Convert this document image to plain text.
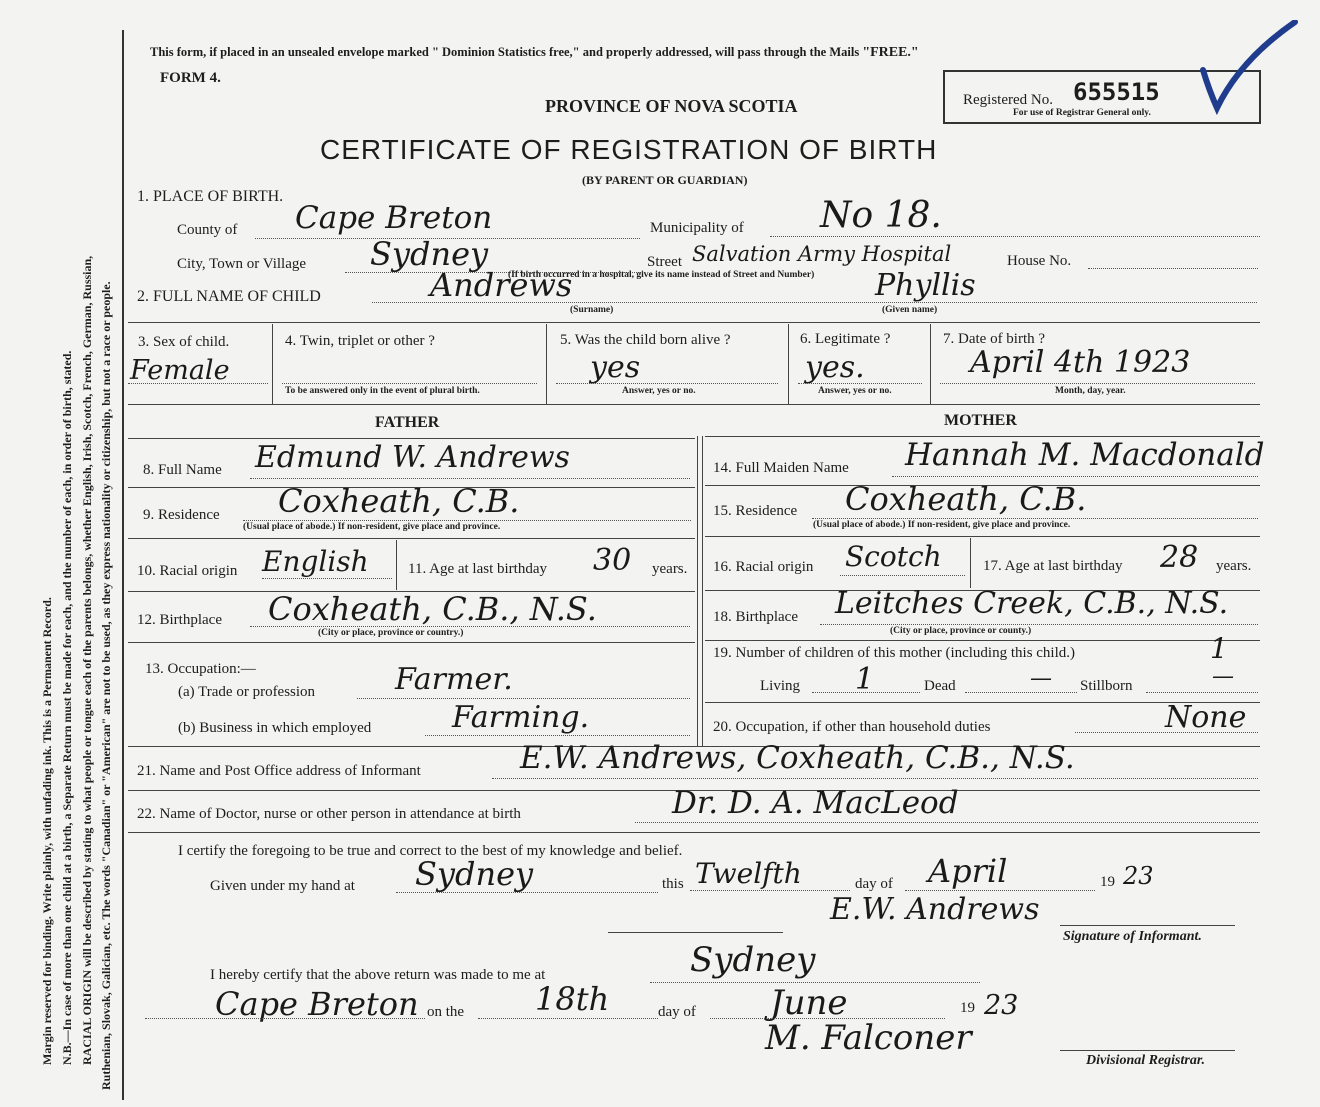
Margin reserved for binding. Write plainly, with unfading ink. This is a Permanent Record. N.B.—In case of more than one child at a birth, a Separate Return must be made for each, and the number of each, in order of birth, stated. RACIAL ORIGIN will be described by stating to what people or tongue each of the parents belongs, whether English, Irish, Scotch, French, German, Russian, Ruthenian, Slovak, Galician, etc. The words "Canadian" or "American" are not to be used, as they express nationality or citizenship, but not a race or people.
This form, if placed in an unsealed envelope marked " Dominion Statistics free," and properly addressed, will pass through the Mails "FREE."
FORM 4.
PROVINCE OF NOVA SCOTIA
CERTIFICATE OF REGISTRATION OF BIRTH
(BY PARENT OR GUARDIAN)
Registered No. 655515
For use of Registrar General only.
1. PLACE OF BIRTH.
County of Cape Breton	Municipality of No 18.
City, Town or Village Sydney	Street Salvation Army Hospital	House No.
(If birth occurred in a hospital, give its name instead of Street and Number)
2. FULL NAME OF CHILD	Andrews
(Surname)
Phyllis
(Given name)
3. Sex of child.
Female
4. Twin, triplet or other ?
To be answered only in the event of plural birth.
5. Was the child born alive ?
yes
Answer, yes or no.
6. Legitimate ?
yes.
Answer, yes or no.
7. Date of birth ?
April 4th 1923
Month, day, year.
FATHER	MOTHER
8. Full Name Edmund W. Andrews
9. Residence Coxheath, C.B.
(Usual place of abode.) If non-resident, give place and province.
10. Racial origin English	11. Age at last birthday 30 years.
12. Birthplace Coxheath, C.B., N.S.
(City or place, province or country.)
13. Occupation:—
(a) Trade or profession	Farmer.
(b) Business in which employed	Farming.
14. Full Maiden Name Hannah M. Macdonald
15. Residence Coxheath, C.B.
(Usual place of abode.) If non-resident, give place and province.
16. Racial origin Scotch	17. Age at last birthday 28 years.
18. Birthplace Leitches Creek, C.B., N.S.
(City or place, province or county.)
19. Number of children of this mother (including this child.)	1
Living 1	Dead	— Stillborn	—
20. Occupation, if other than household duties	None
21. Name and Post Office address of Informant	E.W. Andrews, Coxheath, C.B., N.S.
22. Name of Doctor, nurse or other person in attendance at birth	Dr. D. A. MacLeod
I certify the foregoing to be true and correct to the best of my knowledge and belief.
Given under my hand at Sydney	this Twelfth	day of April	19 23
E.W. Andrews
Signature of Informant.
I hereby certify that the above return was made to me at	Sydney
Cape Breton on the 18th	day of June	19 23
M. Falconer
Divisional Registrar.
